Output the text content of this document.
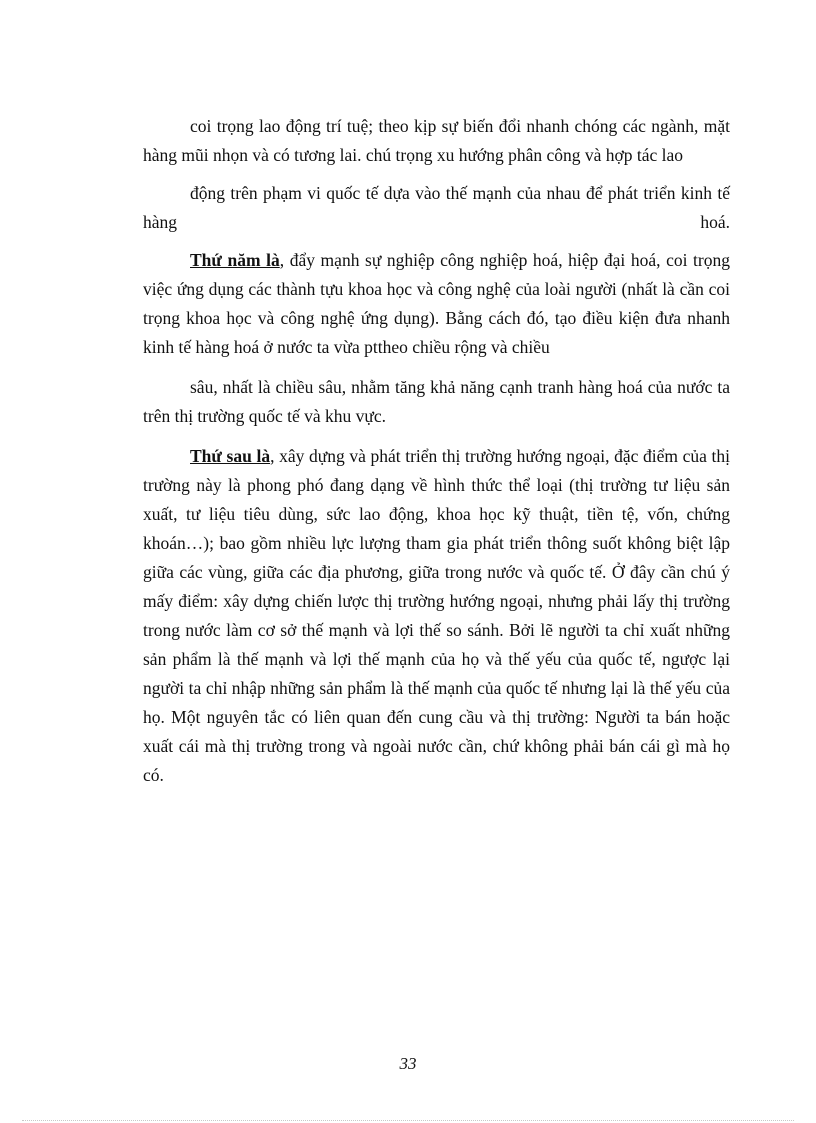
coi trọng lao động trí tuệ; theo kịp sự biến đổi nhanh chóng các ngành, mặt hàng mũi nhọn và có tương lai. chú trọng xu hướng phân công và hợp tác lao

động trên phạm vi quốc tế dựa vào thế mạnh của nhau để phát triển kinh tế hàng hoá.

Thứ năm là, đẩy mạnh sự nghiệp công nghiệp hoá, hiệp đại hoá, coi trọng việc ứng dụng các thành tựu khoa học và công nghệ của loài người (nhất là cần coi trọng khoa học và công nghệ ứng dụng). Bằng cách đó, tạo điều kiện đưa nhanh kinh tế hàng hoá ở nước ta vừa pttheo chiều rộng và chiều

sâu, nhất là chiều sâu, nhằm tăng khả năng cạnh tranh hàng hoá của nước ta trên thị trường quốc tế và khu vực.

Thứ sau là, xây dựng và phát triển thị trường hướng ngoại, đặc điểm của thị trường này là phong phó đang dạng về hình thức thể loại (thị trường tư liệu sản xuất, tư liệu tiêu dùng, sức lao động, khoa học kỹ thuật, tiền tệ, vốn, chứng khoán…); bao gồm nhiều lực lượng tham gia phát triển thông suốt không biệt lập giữa các vùng, giữa các địa phương, giữa trong nước và quốc tế. Ở đây cần chú ý mấy điểm: xây dựng chiến lược thị trường hướng ngoại, nhưng phải lấy thị trường trong nước làm cơ sở thế mạnh và lợi thế so sánh. Bởi lẽ người ta chỉ xuất những sản phẩm là thế mạnh và lợi thế mạnh của họ và thế yếu của quốc tế, ngược lại người ta chỉ nhập những sản phẩm là thế mạnh của quốc tế nhưng lại là thế yếu của họ. Một nguyên tắc có liên quan đến cung cầu và thị trường: Người ta bán hoặc xuất cái mà thị trường trong và ngoài nước cần, chứ không phải bán cái gì mà họ có.

33
